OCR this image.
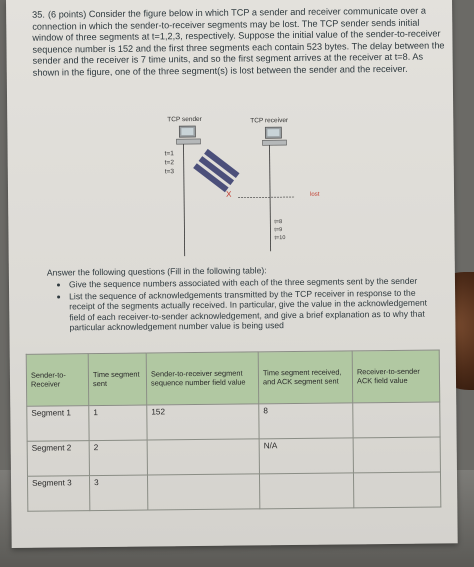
35. (6 points) Consider the figure below in which TCP a sender and receiver communicate over a connection in which the sender-to-receiver segments may be lost. The TCP sender sends initial window of three segments at t=1,2,3, respectively. Suppose the initial value of the sender-to-receiver sequence number is 152 and the first three segments each contain 523 bytes. The delay between the sender and the receiver is 7 time units, and so the first segment arrives at the receiver at t=8. As shown in the figure, one of the three segment(s) is lost between the sender and the receiver.
TCP sender	TCP receiver
t=1
t=2
t=3
X	lost
t=8
t=9
t=10
Answer the following questions (Fill in the following table):
• Give the sequence numbers associated with each of the three segments sent by the sender
• List the sequence of acknowledgements transmitted by the TCP receiver in response to the receipt of the segments actually received. In particular, give the value in the acknowledgement field of each receiver-to-sender acknowledgement, and give a brief explanation as to why that particular acknowledgement number value is being used
Sender-to-Receiver	Time segment sent	Sender-to-receiver segment sequence number field value	Time segment received, and ACK segment sent	Receiver-to-sender ACK field value
Segment 1	1	152	8	
Segment 2	2		N/A	
Segment 3	3			
